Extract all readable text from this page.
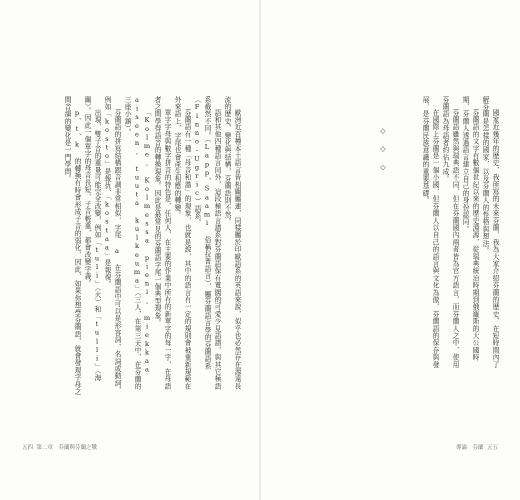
歐洲近百種本土語言皆相關屬連，同樣屬於印歐語系的英語來說，似乎也必然存在源遠長流的歷史、變化與結構，芬蘭語則不然。

語和其他四種語言同外，這段極語言譜系對芬蘭語保有寬闊的可愛少見語譜，與其它極語系截然不同。（Lapp、Saami 俗稱拉普語言），屬芬蘭語言學的芬蘭語系（Finno-Ugric）語系。

芬蘭語有一種「母音和諧」的現象，也就是說，其中的語言有一定的規則會被重新規範在外來語上，字尾也會產生相應的轉變。

單字字母與數字拼音的特色是，任何人，在主要的作業中所有的新單字的每一字，在母語者之間學得語音的轉換現象。因此是最常見的芬蘭語字尾一個典型現象。

「Kolme, Kolmessa pieni, miekkaa aiseen, tuuta kulkeuma」（三人，在第三天中，在芬蘭的三座小鎮）。

芬蘭語的拼寫結構跟音調非常相似，字尾 a 在芬蘭語中可以是形容詞、名詞或動詞，例如「kosto」是報仇、「kostaa」是報復。

出現，雙子音的重量可能完全改變，例如「tuli」（火）和「tulli」（海關）。因此一個單字的母音長短、子音輕重，都會改變字義。

p、t、k 的轉換有時會形成子音的弱化，因此，如果你想學芬蘭語，就會發現字母之間音韻的變化是一門學問。

五四 第二章　芬蘭與芬蘭之戰

國家近幾年的歷史，我所寫的未來芬蘭，我為大家介紹芬蘭的歷史，在短時間內了解芬蘭是怎樣的國家，以及芬蘭人的性格與想法。

芬蘭語的文字有數個世紀以來的歷史淵源，從瑞典統治時期到俄羅斯的大公國時期，芬蘭人透過語言建立自己的身份認同。

芬蘭語雖然與瑞典語不同，但在芬蘭國內兩者皆為官方語言，而芬蘭人之中，使用芬蘭語為母語者約佔九成。

在國際上芬蘭是一個小國，但芬蘭人以自己的語言與文化為傲，芬蘭語的保存與發展，是芬蘭民族意識的重要基礎。

◇ ◇ ◇
導論　芬蘭 五五
